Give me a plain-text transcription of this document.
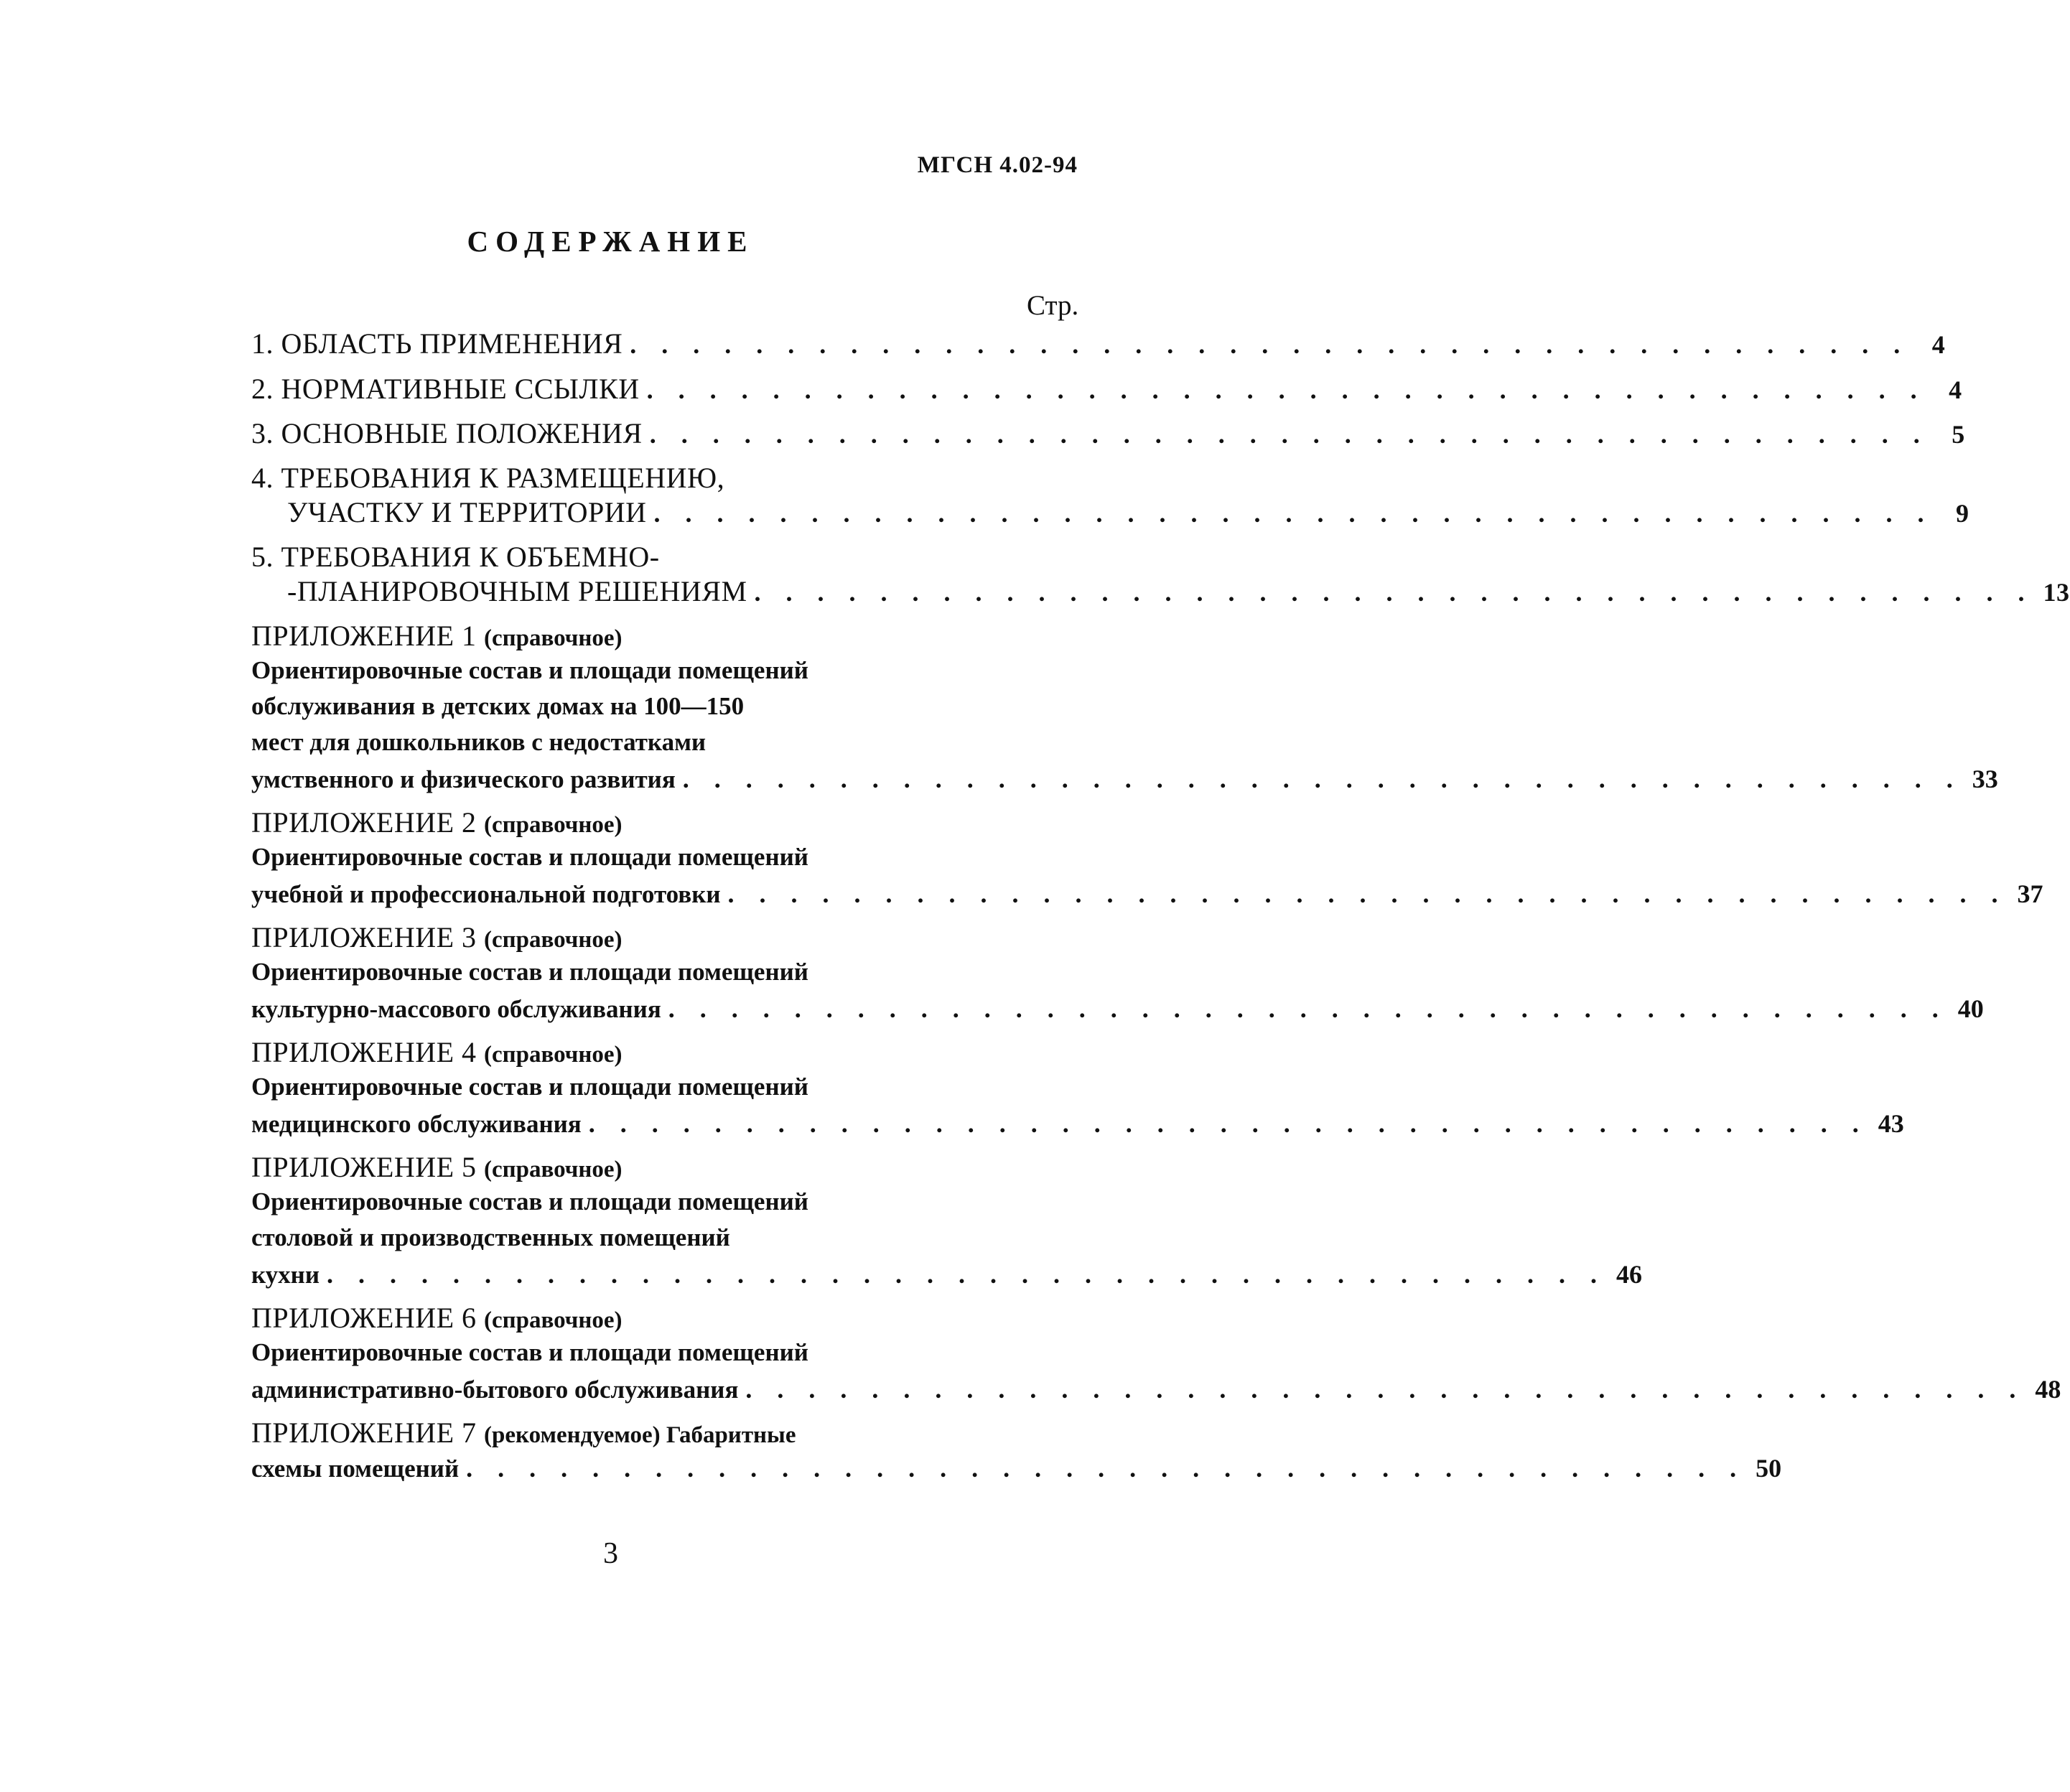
МГСН 4.02-94
СОДЕРЖАНИЕ
Стр.
1. ОБЛАСТЬ ПРИМЕНЕНИЯ . . . . . . . . . . . . . . . . . . . . . . . . . . . . . . . . . . . . . . . . . 4
2. НОРМАТИВНЫЕ ССЫЛКИ . . . . . . . . . . . . . . . . . . . . . . . . . . . . . . . . . . . . . . . . . 4
3. ОСНОВНЫЕ ПОЛОЖЕНИЯ . . . . . . . . . . . . . . . . . . . . . . . . . . . . . . . . . . . . . . . . . 5
4. ТРЕБОВАНИЯ К РАЗМЕЩЕНИЮ,
УЧАСТКУ И ТЕРРИТОРИИ . . . . . . . . . . . . . . . . . . . . . . . . . . . . . . . . . . . . . . . . . 9
5. ТРЕБОВАНИЯ К ОБЪЕМНО-
-ПЛАНИРОВОЧНЫМ РЕШЕНИЯМ . . . . . . . . . . . . . . . . . . . . . . . . . . . . . . . . . . . . . . . . . 13
ПРИЛОЖЕНИЕ 1 (справочное)
Ориентировочные состав и площади помещений
обслуживания в детских домах на 100—150
мест для дошкольников с недостатками
умственного и физического развития . . . . . . . . . . . . . . . . . . . . . . . . . . . . . . . . . . . . . . . . . 33
ПРИЛОЖЕНИЕ 2 (справочное)
Ориентировочные состав и площади помещений
учебной и профессиональной подготовки . . . . . . . . . . . . . . . . . . . . . . . . . . . . . . . . . . . . . . . . . 37
ПРИЛОЖЕНИЕ 3 (справочное)
Ориентировочные состав и площади помещений
культурно-массового обслуживания . . . . . . . . . . . . . . . . . . . . . . . . . . . . . . . . . . . . . . . . . 40
ПРИЛОЖЕНИЕ 4 (справочное)
Ориентировочные состав и площади помещений
медицинского обслуживания . . . . . . . . . . . . . . . . . . . . . . . . . . . . . . . . . . . . . . . . . 43
ПРИЛОЖЕНИЕ 5 (справочное)
Ориентировочные состав и площади помещений
столовой и производственных помещений
кухни . . . . . . . . . . . . . . . . . . . . . . . . . . . . . . . . . . . . . . . . . 46
ПРИЛОЖЕНИЕ 6 (справочное)
Ориентировочные состав и площади помещений
административно-бытового обслуживания . . . . . . . . . . . . . . . . . . . . . . . . . . . . . . . . . . . . . . . . . 48
ПРИЛОЖЕНИЕ 7 (рекомендуемое) Габаритные
схемы помещений . . . . . . . . . . . . . . . . . . . . . . . . . . . . . . . . . . . . . . . . . 50
3
